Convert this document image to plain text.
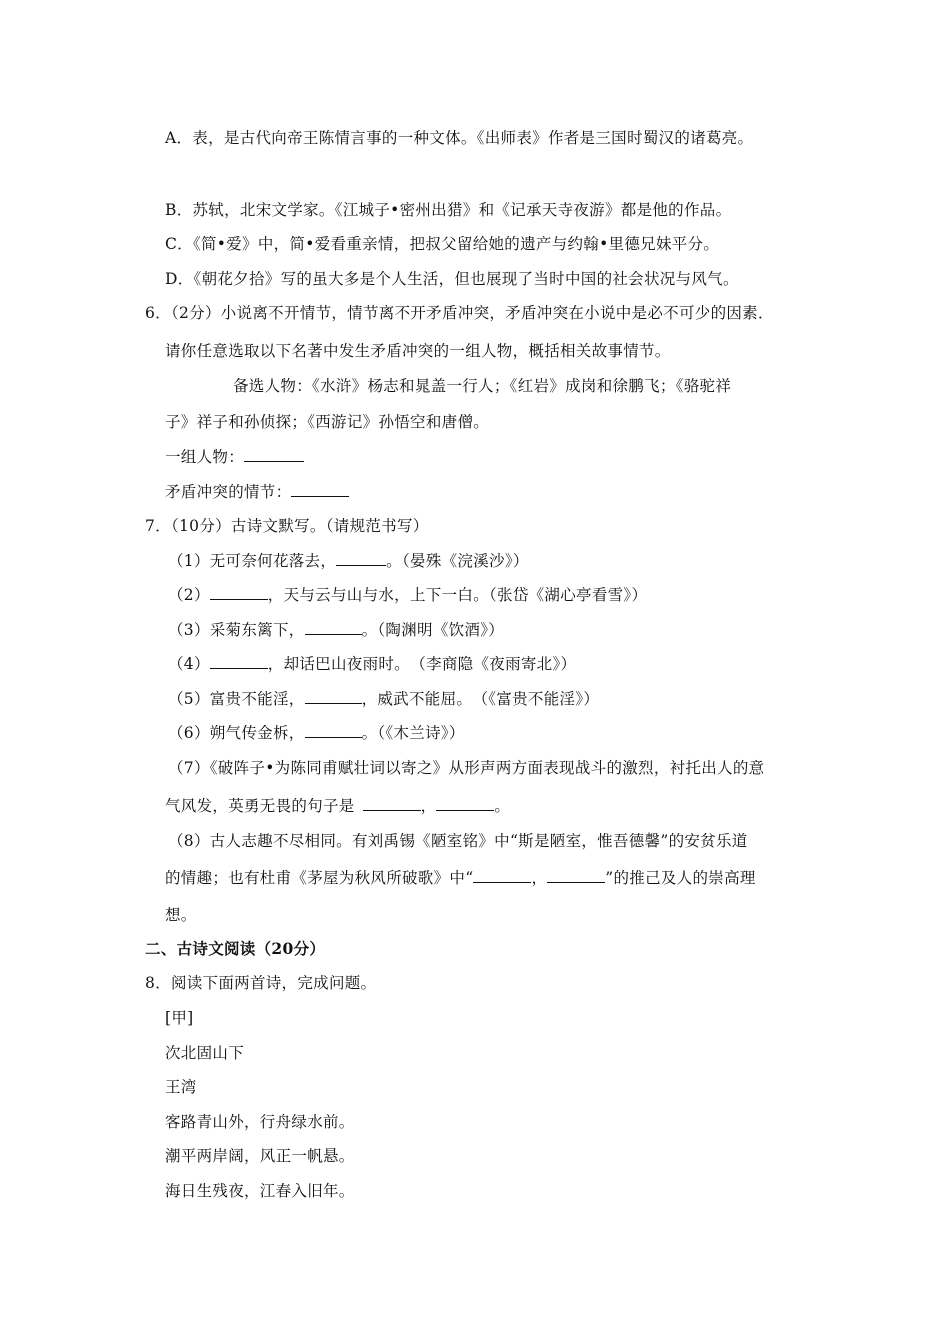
A．表，是古代向帝王陈情言事的一种文体。《出师表》作者是三国时蜀汉的诸葛亮。
B．苏轼，北宋文学家。《江城子•密州出猎》和《记承天寺夜游》都是他的作品。
C．《简•爱》中，简•爱看重亲情，把叔父留给她的遗产与约翰•里德兄妹平分。
D．《朝花夕拾》写的虽大多是个人生活，但也展现了当时中国的社会状况与风气。
6．（2分）小说离不开情节，情节离不开矛盾冲突，矛盾冲突在小说中是必不可少的因素．
请你任意选取以下名著中发生矛盾冲突的一组人物，概括相关故事情节。
备选人物：《水浒》杨志和晁盖一行人；《红岩》成岗和徐鹏飞；《骆驼祥
子》祥子和孙侦探；《西游记》孙悟空和唐僧。
一组人物：
矛盾冲突的情节：
7．（10分）古诗文默写。（请规范书写）
（1）无可奈何花落去，	。（晏殊《浣溪沙》）
（2）	，天与云与山与水，上下一白。（张岱《湖心亭看雪》）
（3）采菊东篱下，	。（陶渊明《饮酒》）
（4）	，却话巴山夜雨时。　（李商隐《夜雨寄北》）
（5）富贵不能淫，	，威武不能屈。　（《富贵不能淫》）
（6）朔气传金柝，	。（《木兰诗》）
（7）《破阵子•为陈同甫赋壮词以寄之》从形声两方面表现战斗的激烈，衬托出人的意
气风发，英勇无畏的句子是	，	。
（8）古人志趣不尽相同。有刘禹锡《陋室铭》中“斯是陋室，惟吾德馨”的安贫乐道
的情趣；也有杜甫《茅屋为秋风所破歌》中“	，	”的推己及人的崇高理
想。
二、古诗文阅读（20分）
8．阅读下面两首诗，完成问题。
[甲]
次北固山下
王湾
客路青山外，行舟绿水前。
潮平两岸阔，风正一帆悬。
海日生残夜，江春入旧年。
